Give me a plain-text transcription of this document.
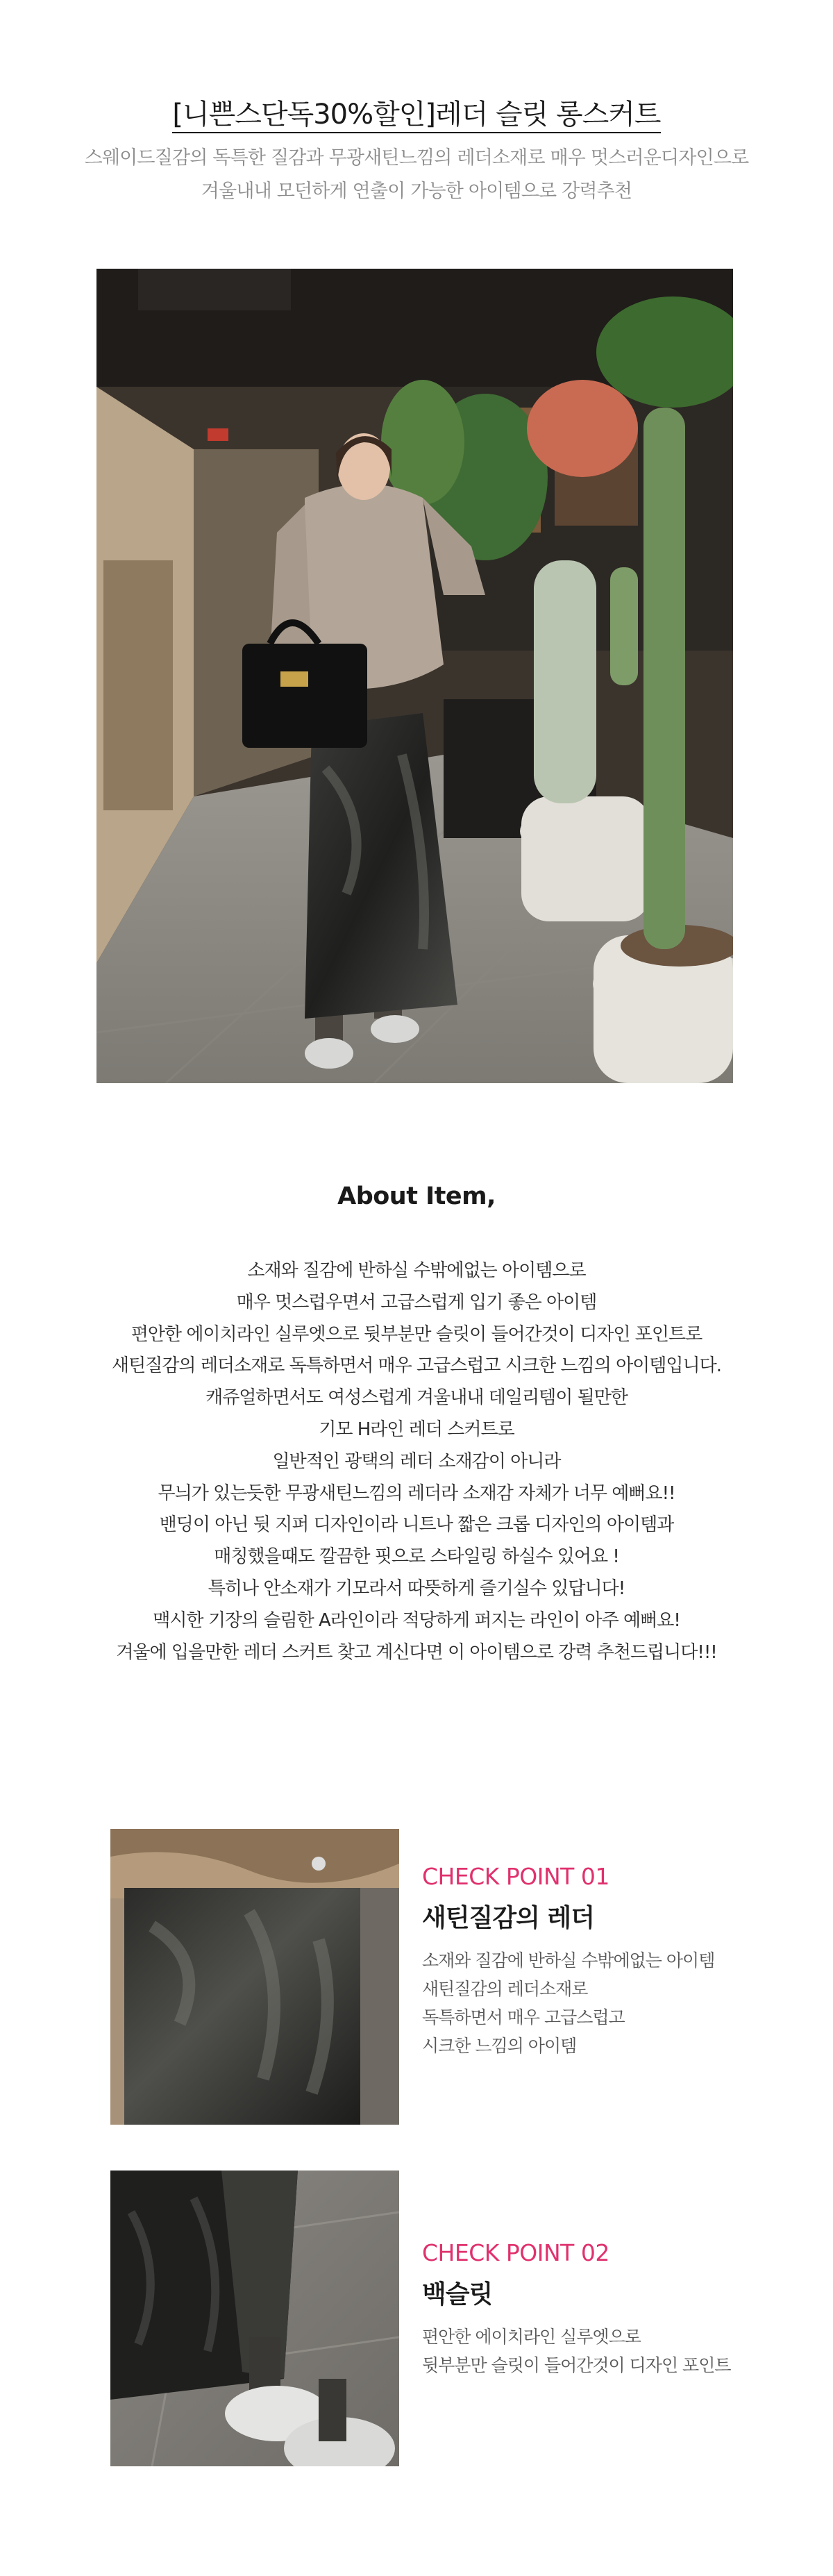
[니쁜스단독30%할인]레더 슬릿 롱스커트
스웨이드질감의 독특한 질감과 무광새틴느낌의 레더소재로 매우 멋스러운디자인으로
겨울내내 모던하게 연출이 가능한 아이템으로 강력추천
About Item,
소재와 질감에 반하실 수밖에없는 아이템으로
매우 멋스럽우면서 고급스럽게 입기 좋은 아이템
편안한 에이치라인 실루엣으로 뒷부분만 슬릿이 들어간것이 디자인 포인트로
새틴질감의 레더소재로 독특하면서 매우 고급스럽고 시크한 느낌의 아이템입니다.
캐쥬얼하면서도 여성스럽게 겨울내내 데일리템이 될만한
기모 H라인 레더 스커트로
일반적인 광택의 레더 소재감이 아니라
무늬가 있는듯한 무광새틴느낌의 레더라 소재감 자체가 너무 예뻐요!!
밴딩이 아닌 뒷 지퍼 디자인이라 니트나 짧은 크롭 디자인의 아이템과
매칭했을때도 깔끔한 핏으로 스타일링 하실수 있어요 !
특히나 안소재가 기모라서 따뜻하게 즐기실수 있답니다!
맥시한 기장의 슬림한 A라인이라 적당하게 퍼지는 라인이 아주 예뻐요!
겨울에 입을만한 레더 스커트 찾고 계신다면 이 아이템으로 강력 추천드립니다!!!
CHECK POINT 01
새틴질감의 레더
소재와 질감에 반하실 수밖에없는 아이템
새틴질감의 레더소재로
독특하면서 매우 고급스럽고
시크한 느낌의 아이템
CHECK POINT 02
백슬릿
편안한 에이치라인 실루엣으로
뒷부분만 슬릿이 들어간것이 디자인 포인트
